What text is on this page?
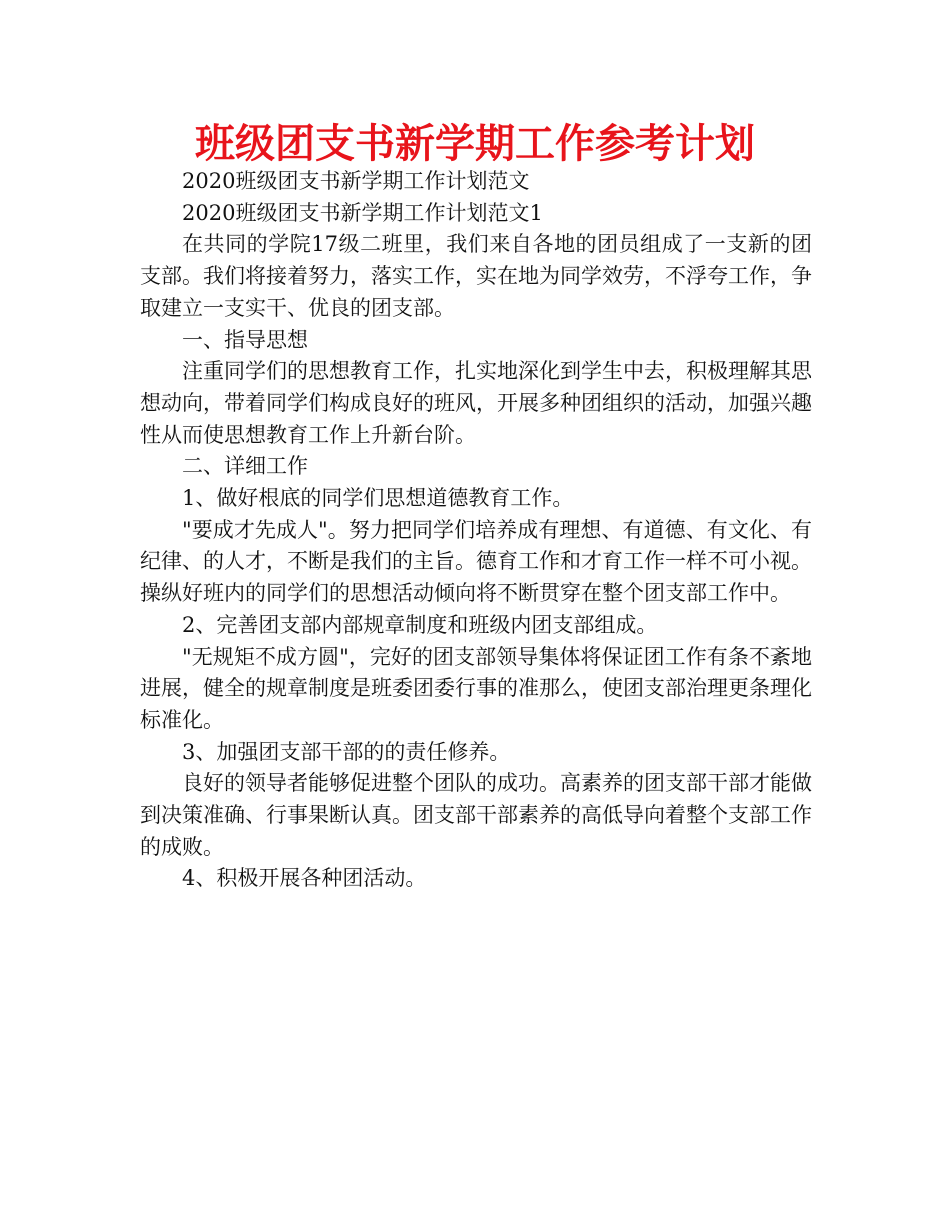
班级团支书新学期工作参考计划

2020班级团支书新学期工作计划范文

2020班级团支书新学期工作计划范文1

在共同的学院17级二班里，我们来自各地的团员组成了一支新的团支部。我们将接着努力，落实工作，实在地为同学效劳，不浮夸工作，争取建立一支实干、优良的团支部。

一、指导思想

注重同学们的思想教育工作，扎实地深化到学生中去，积极理解其思想动向，带着同学们构成良好的班风，开展多种团组织的活动，加强兴趣性从而使思想教育工作上升新台阶。

二、详细工作

1、做好根底的同学们思想道德教育工作。

"要成才先成人"。努力把同学们培养成有理想、有道德、有文化、有纪律、的人才，不断是我们的主旨。德育工作和才育工作一样不可小视。操纵好班内的同学们的思想活动倾向将不断贯穿在整个团支部工作中。

2、完善团支部内部规章制度和班级内团支部组成。

"无规矩不成方圆"，完好的团支部领导集体将保证团工作有条不紊地进展，健全的规章制度是班委团委行事的准那么，使团支部治理更条理化标准化。

3、加强团支部干部的的责任修养。

良好的领导者能够促进整个团队的成功。高素养的团支部干部才能做到决策准确、行事果断认真。团支部干部素养的高低导向着整个支部工作的成败。

4、积极开展各种团活动。
